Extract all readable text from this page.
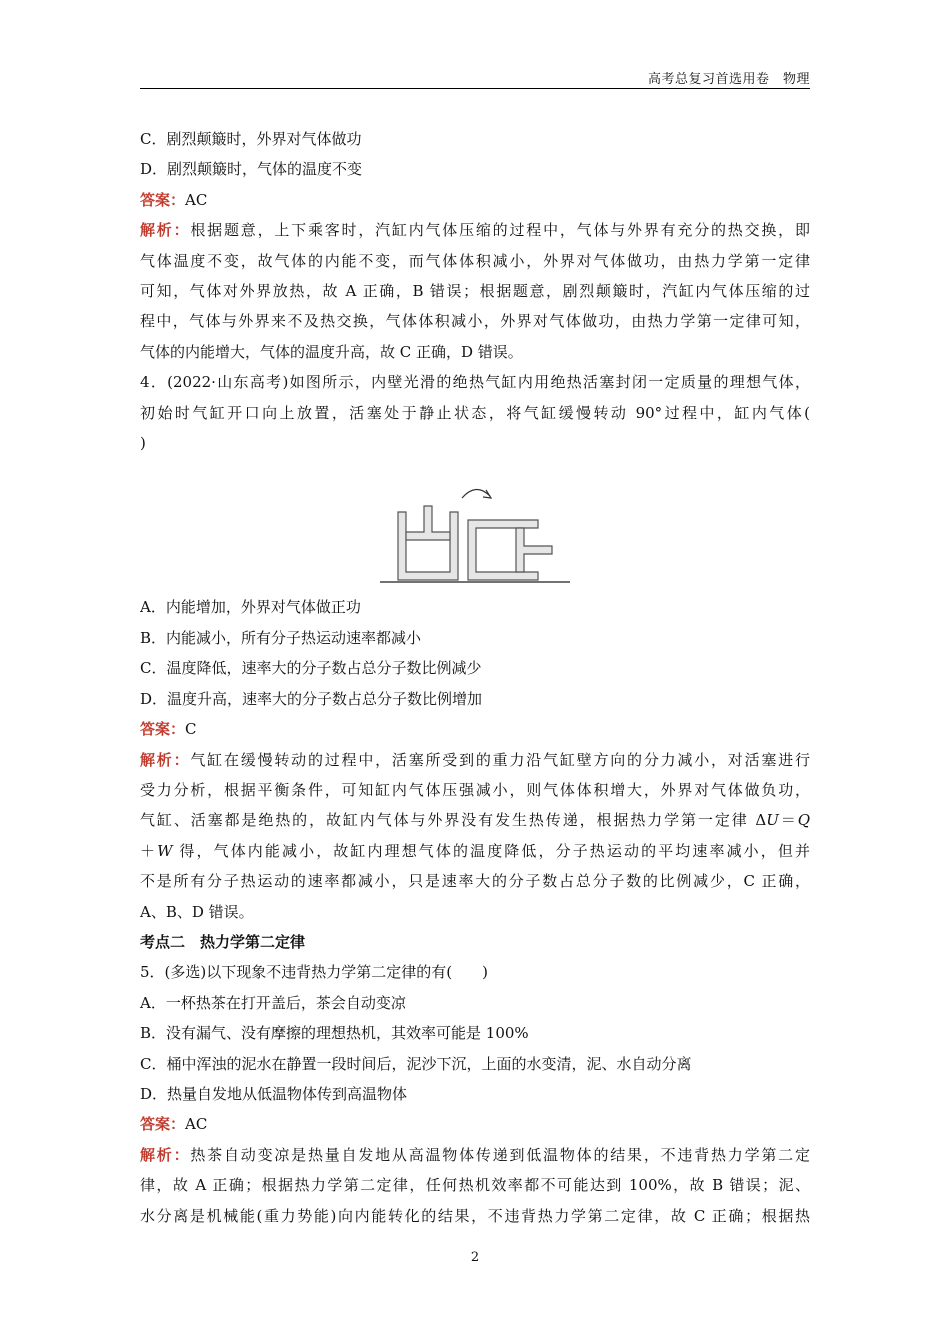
高考总复习首选用卷　物理
C．剧烈颠簸时，外界对气体做功
D．剧烈颠簸时，气体的温度不变
答案：AC
解析：根据题意，上下乘客时，汽缸内气体压缩的过程中，气体与外界有充分的热交换，即
气体温度不变，故气体的内能不变，而气体体积减小，外界对气体做功，由热力学第一定律
可知，气体对外界放热，故 A 正确，B 错误；根据题意，剧烈颠簸时，汽缸内气体压缩的过
程中，气体与外界来不及热交换，气体体积减小，外界对气体做功，由热力学第一定律可知，
气体的内能增大，气体的温度升高，故 C 正确，D 错误。
4．(2022·山东高考)如图所示，内壁光滑的绝热气缸内用绝热活塞封闭一定质量的理想气体，
初始时气缸开口向上放置，活塞处于静止状态，将气缸缓慢转动 90°过程中，缸内气体(
)
A．内能增加，外界对气体做正功
B．内能减小，所有分子热运动速率都减小
C．温度降低，速率大的分子数占总分子数比例减少
D．温度升高，速率大的分子数占总分子数比例增加
答案：C
解析：气缸在缓慢转动的过程中，活塞所受到的重力沿气缸壁方向的分力减小，对活塞进行
受力分析，根据平衡条件，可知缸内气体压强减小，则气体体积增大，外界对气体做负功，
气缸、活塞都是绝热的，故缸内气体与外界没有发生热传递，根据热力学第一定律 ΔU＝Q
＋W 得，气体内能减小，故缸内理想气体的温度降低，分子热运动的平均速率减小，但并
不是所有分子热运动的速率都减小，只是速率大的分子数占总分子数的比例减少，C 正确，
A、B、D 错误。
考点二　热力学第二定律
5．(多选)以下现象不违背热力学第二定律的有(　　)
A．一杯热茶在打开盖后，茶会自动变凉
B．没有漏气、没有摩擦的理想热机，其效率可能是 100%
C．桶中浑浊的泥水在静置一段时间后，泥沙下沉，上面的水变清，泥、水自动分离
D．热量自发地从低温物体传到高温物体
答案：AC
解析：热茶自动变凉是热量自发地从高温物体传递到低温物体的结果，不违背热力学第二定
律，故 A 正确；根据热力学第二定律，任何热机效率都不可能达到 100%，故 B 错误；泥、
水分离是机械能(重力势能)向内能转化的结果，不违背热力学第二定律，故 C 正确；根据热
2
